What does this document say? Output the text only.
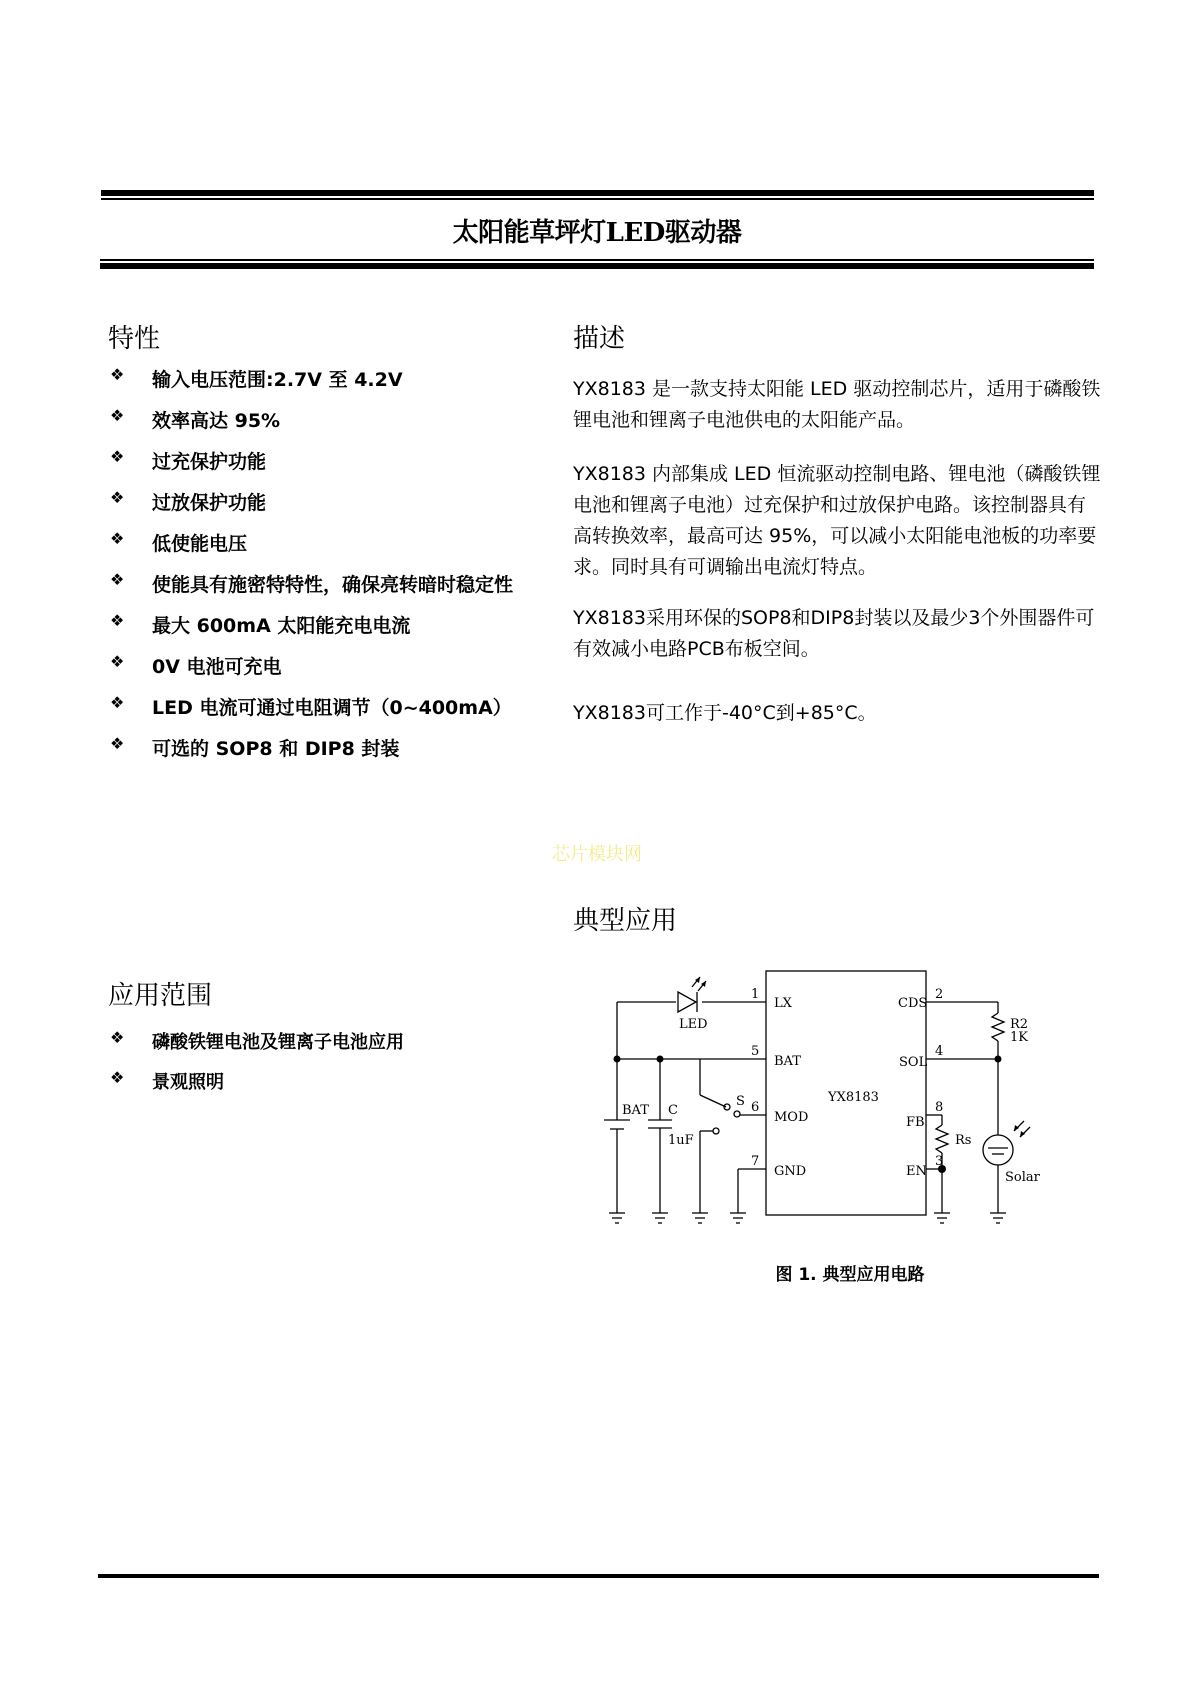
太阳能草坪灯LED驱动器
特性
❖	输入电压范围:2.7V 至 4.2V
❖	效率高达 95%
❖	过充保护功能
❖	过放保护功能
❖	低使能电压
❖	使能具有施密特特性，确保亮转暗时稳定性
❖	最大 600mA 太阳能充电电流
❖	0V 电池可充电
❖	LED 电流可通过电阻调节（0~400mA）
❖	可选的 SOP8 和 DIP8 封装
描述

YX8183 是一款支持太阳能 LED 驱动控制芯片，适用于磷酸铁锂电池和锂离子电池供电的太阳能产品。

YX8183 内部集成 LED 恒流驱动控制电路、锂电池（磷酸铁锂电池和锂离子电池）过充保护和过放保护电路。该控制器具有高转换效率，最高可达 95%，可以减小太阳能电池板的功率要求。同时具有可调输出电流灯特点。

YX8183采用环保的SOP8和DIP8封装以及最少3个外围器件可有效减小电路PCB布板空间。

YX8183可工作于-40°C到+85°C。

芯片模块网
典型应用
应用范围
❖	磷酸铁锂电池及锂离子电池应用
❖	景观照明
YX8183
1
LX
5
BAT
6
MOD
7
GND
2
CDS
4
SOL
8
FB
3
EN
LED
BAT C
1uF
S
R2
1K
Rs
Solar
图 1. 典型应用电路
